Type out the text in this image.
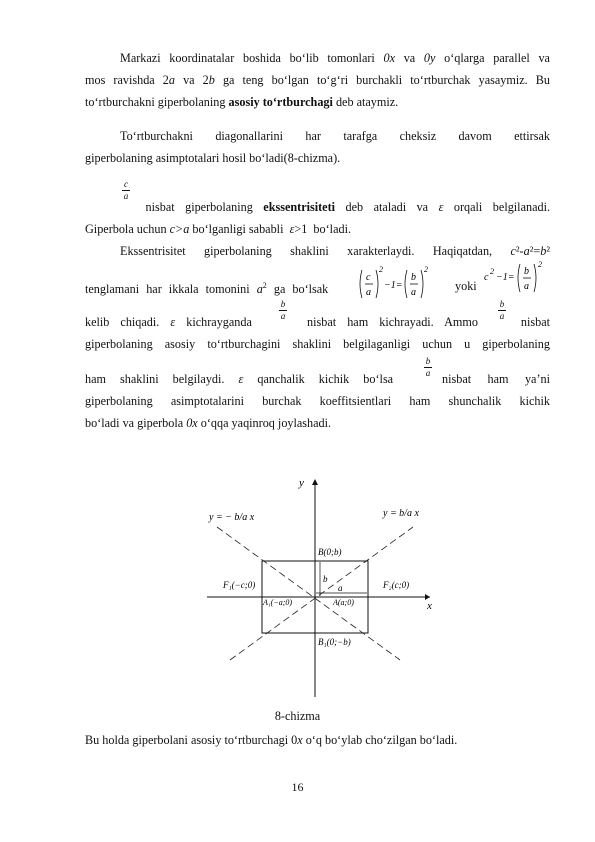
Markazi koordinatalar boshida bo‘lib tomonlari 0x va 0y o‘qlarga parallel va

mos ravishda 2a va 2b ga teng bo‘lgan to‘g‘ri burchakli to‘rtburchak yasaymiz. Bu

to‘rtburchakni giperbolaning asosiy to‘rtburchagi deb ataymiz.

To‘rtburchakni   diagonallarini   har   tarafga   cheksiz   davom   ettirsak

giperbolaning asimptotalari hosil bo‘ladi(8-chizma).

$\frac{c}{a}$

nisbat giperbolaning ekssentrisiteti deb ataladi va ε orqali belgilanadi.

Giperbola uchun c>a bo‘lganligi sababli  ε>1  bo‘ladi.

Ekssentrisitet giperbolaning shaklini xarakterlaydi. Haqiqatdan, c²-a²=b²

tenglamani har ikkala tomonini $a^2$ ga bo‘lsak

c
a
2
−1=
b
a
2

yoki

c
2
−1=
b
a
2

kelib chiqadi. ε kichrayganda

$\frac{b}{a}$

nisbat ham kichrayadi. Ammo

$\frac{b}{a}$

nisbat

giperbolaning asosiy to‘rtburchagini shaklini belgilaganligi uchun u giperbolaning

ham shaklini belgilaydi. ε qanchalik kichik bo‘lsa

$\frac{b}{a}$

nisbat ham ya’ni

giperbolaning   asimptotalarini   burchak   koeffitsientlari   ham   shunchalik   kichik

bo‘ladi va giperbola 0x o‘qqa yaqinroq joylashadi.

y
x
b
a
y = − b/a x	y = b/a x
B(0;b)
B₁(0;−b)
A(a;0)
A₁(−a;0)
F₁(−c;0)	F₂(c;0)
8-chizma

Bu holda giperbolani asosiy to‘rtburchagi 0x o‘q bo‘ylab cho‘zilgan bo‘ladi.

16
